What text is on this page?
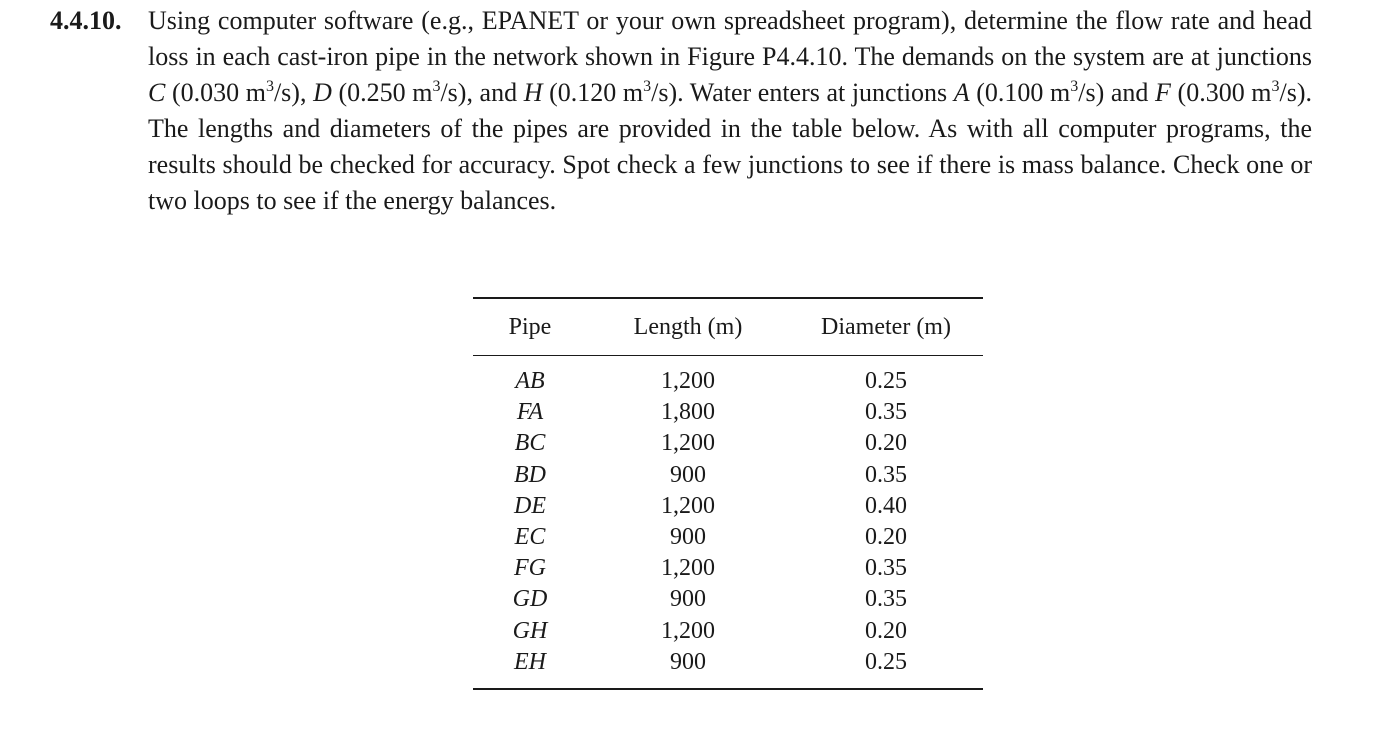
4.4.10. Using computer software (e.g., EPANET or your own spreadsheet program), determine the flow rate and head loss in each cast-iron pipe in the network shown in Figure P4.4.10. The demands on the system are at junctions C (0.030 $m^3/s$), D (0.250 $m^3/s$), and H (0.120 $m^3/s$). Water enters at junctions A (0.100 $m^3/s$) and F (0.300 $m^3/s$). The lengths and diameters of the pipes are provided in the table below. As with all computer programs, the results should be checked for accuracy. Spot check a few junctions to see if there is mass balance. Check one or two loops to see if the energy balances.
Pipe	Length (m)	Diameter (m)
AB	1,200	0.25
FA	1,800	0.35
BC	1,200	0.20
BD	900	0.35
DE	1,200	0.40
EC	900	0.20
FG	1,200	0.35
GD	900	0.35
GH	1,200	0.20
EH	900	0.25
